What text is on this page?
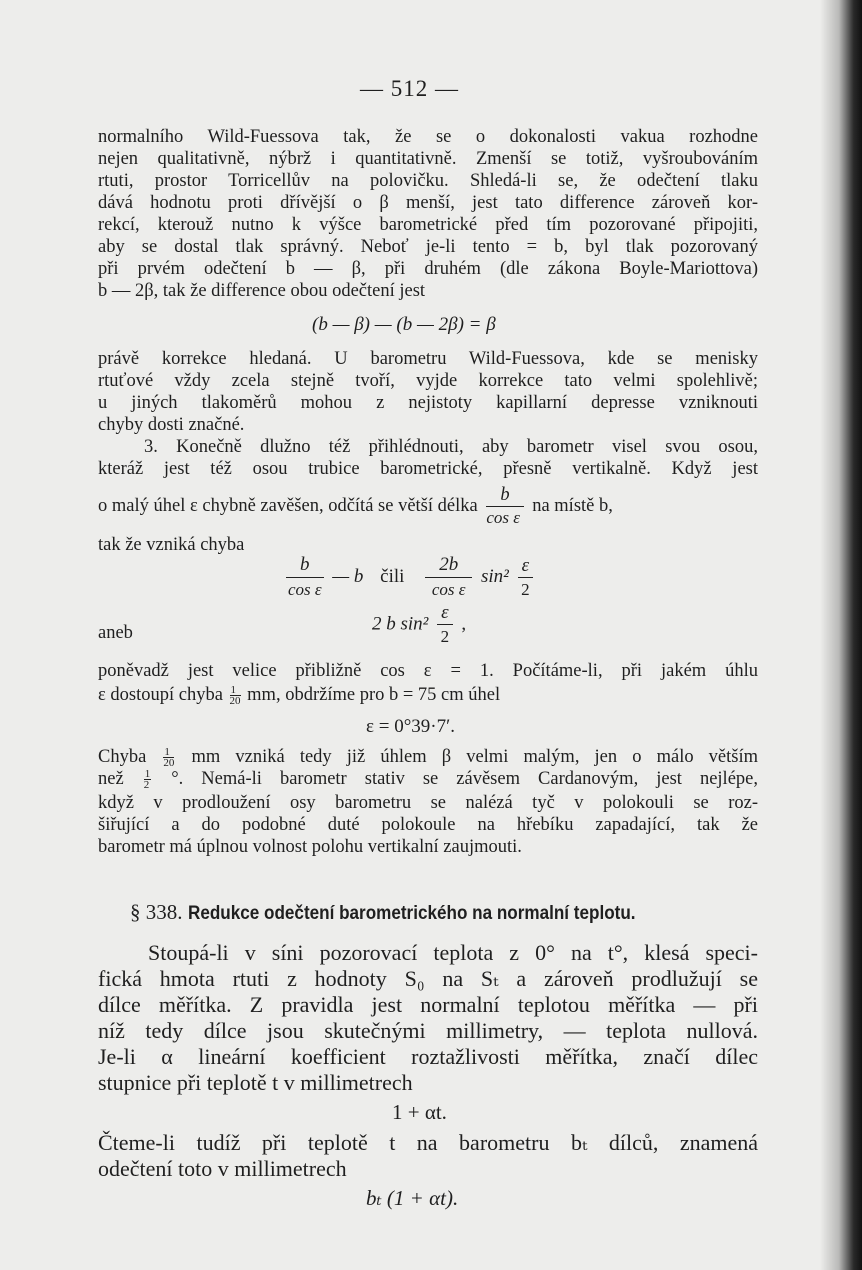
— 512 —
normalního Wild-Fuessova tak, že se o dokonalosti vakua rozhodne
nejen qualitativně, nýbrž i quantitativně. Zmenší se totiž, vyšroubováním
rtuti, prostor Torricellův na polovičku. Shledá-li se, že odečtení tlaku
dává hodnotu proti dřívější o β menší, jest tato difference zároveň kor-
rekcí, kterouž nutno k výšce barometrické před tím pozorované připojiti,
aby se dostal tlak správný. Neboť je-li tento = b, byl tlak pozorovaný
při prvém odečtení b — β, při druhém (dle zákona Boyle-Mariottova)
b — 2β, tak že difference obou odečtení jest
(b — β) — (b — 2β) = β
právě korrekce hledaná. U barometru Wild-Fuessova, kde se menisky
rtuťové vždy zcela stejně tvoří, vyjde korrekce tato velmi spolehlivě;
u jiných tlakoměrů mohou z nejistoty kapillarní depresse vzniknouti
chyby dosti značné.
3. Konečně dlužno též přihlédnouti, aby barometr visel svou osou,
kteráž jest též osou trubice barometrické, přesně vertikalně. Když jest
o malý úhel ε chybně zavěšen, odčítá se větší délka $\frac{b}{\text{cos ε}}$ na místě b,
tak že vzniká chyba
$\frac{b}{\text{cos ε}}$ — b čili $\frac{2b}{\text{cos ε}} \sin^2 \frac{\varepsilon}{2}$
aneb	2 b $\sin^2 \frac{\varepsilon}{2}$ ,
poněvadž jest velice přibližně cos ε = 1. Počítáme-li, při jakém úhlu
ε dostoupí chyba $\frac{1}{20}$ mm, obdržíme pro b = 75 cm úhel
ε = 0°39·7′.
Chyba $\frac{1}{20}$ mm vzniká tedy již úhlem β velmi malým, jen o málo větším
než $\frac{1}{2}$ °. Nemá-li barometr stativ se závěsem Cardanovým, jest nejlépe,
když v prodloužení osy barometru se nalézá tyč v polokouli se roz-
šiřující a do podobné duté polokoule na hřebíku zapadající, tak že
barometr má úplnou volnost polohu vertikalní zaujmouti.
§ 338. Redukce odečtení barometrického na normalní teplotu.
Stoupá-li v síni pozorovací teplota z 0° na t°, klesá speci-
fická hmota rtuti z hodnoty S₀ na Sₜ a zároveň prodlužují se
dílce měřítka. Z pravidla jest normalní teplotou měřítka — při
níž tedy dílce jsou skutečnými millimetry, — teplota nullová.
Je-li α lineární koefficient roztažlivosti měřítka, značí dílec
stupnice při teplotě t v millimetrech
1 + αt.
Čteme-li tudíž při teplotě t na barometru bₜ dílců, znamená
odečtení toto v millimetrech
bₜ (1 + αt).
